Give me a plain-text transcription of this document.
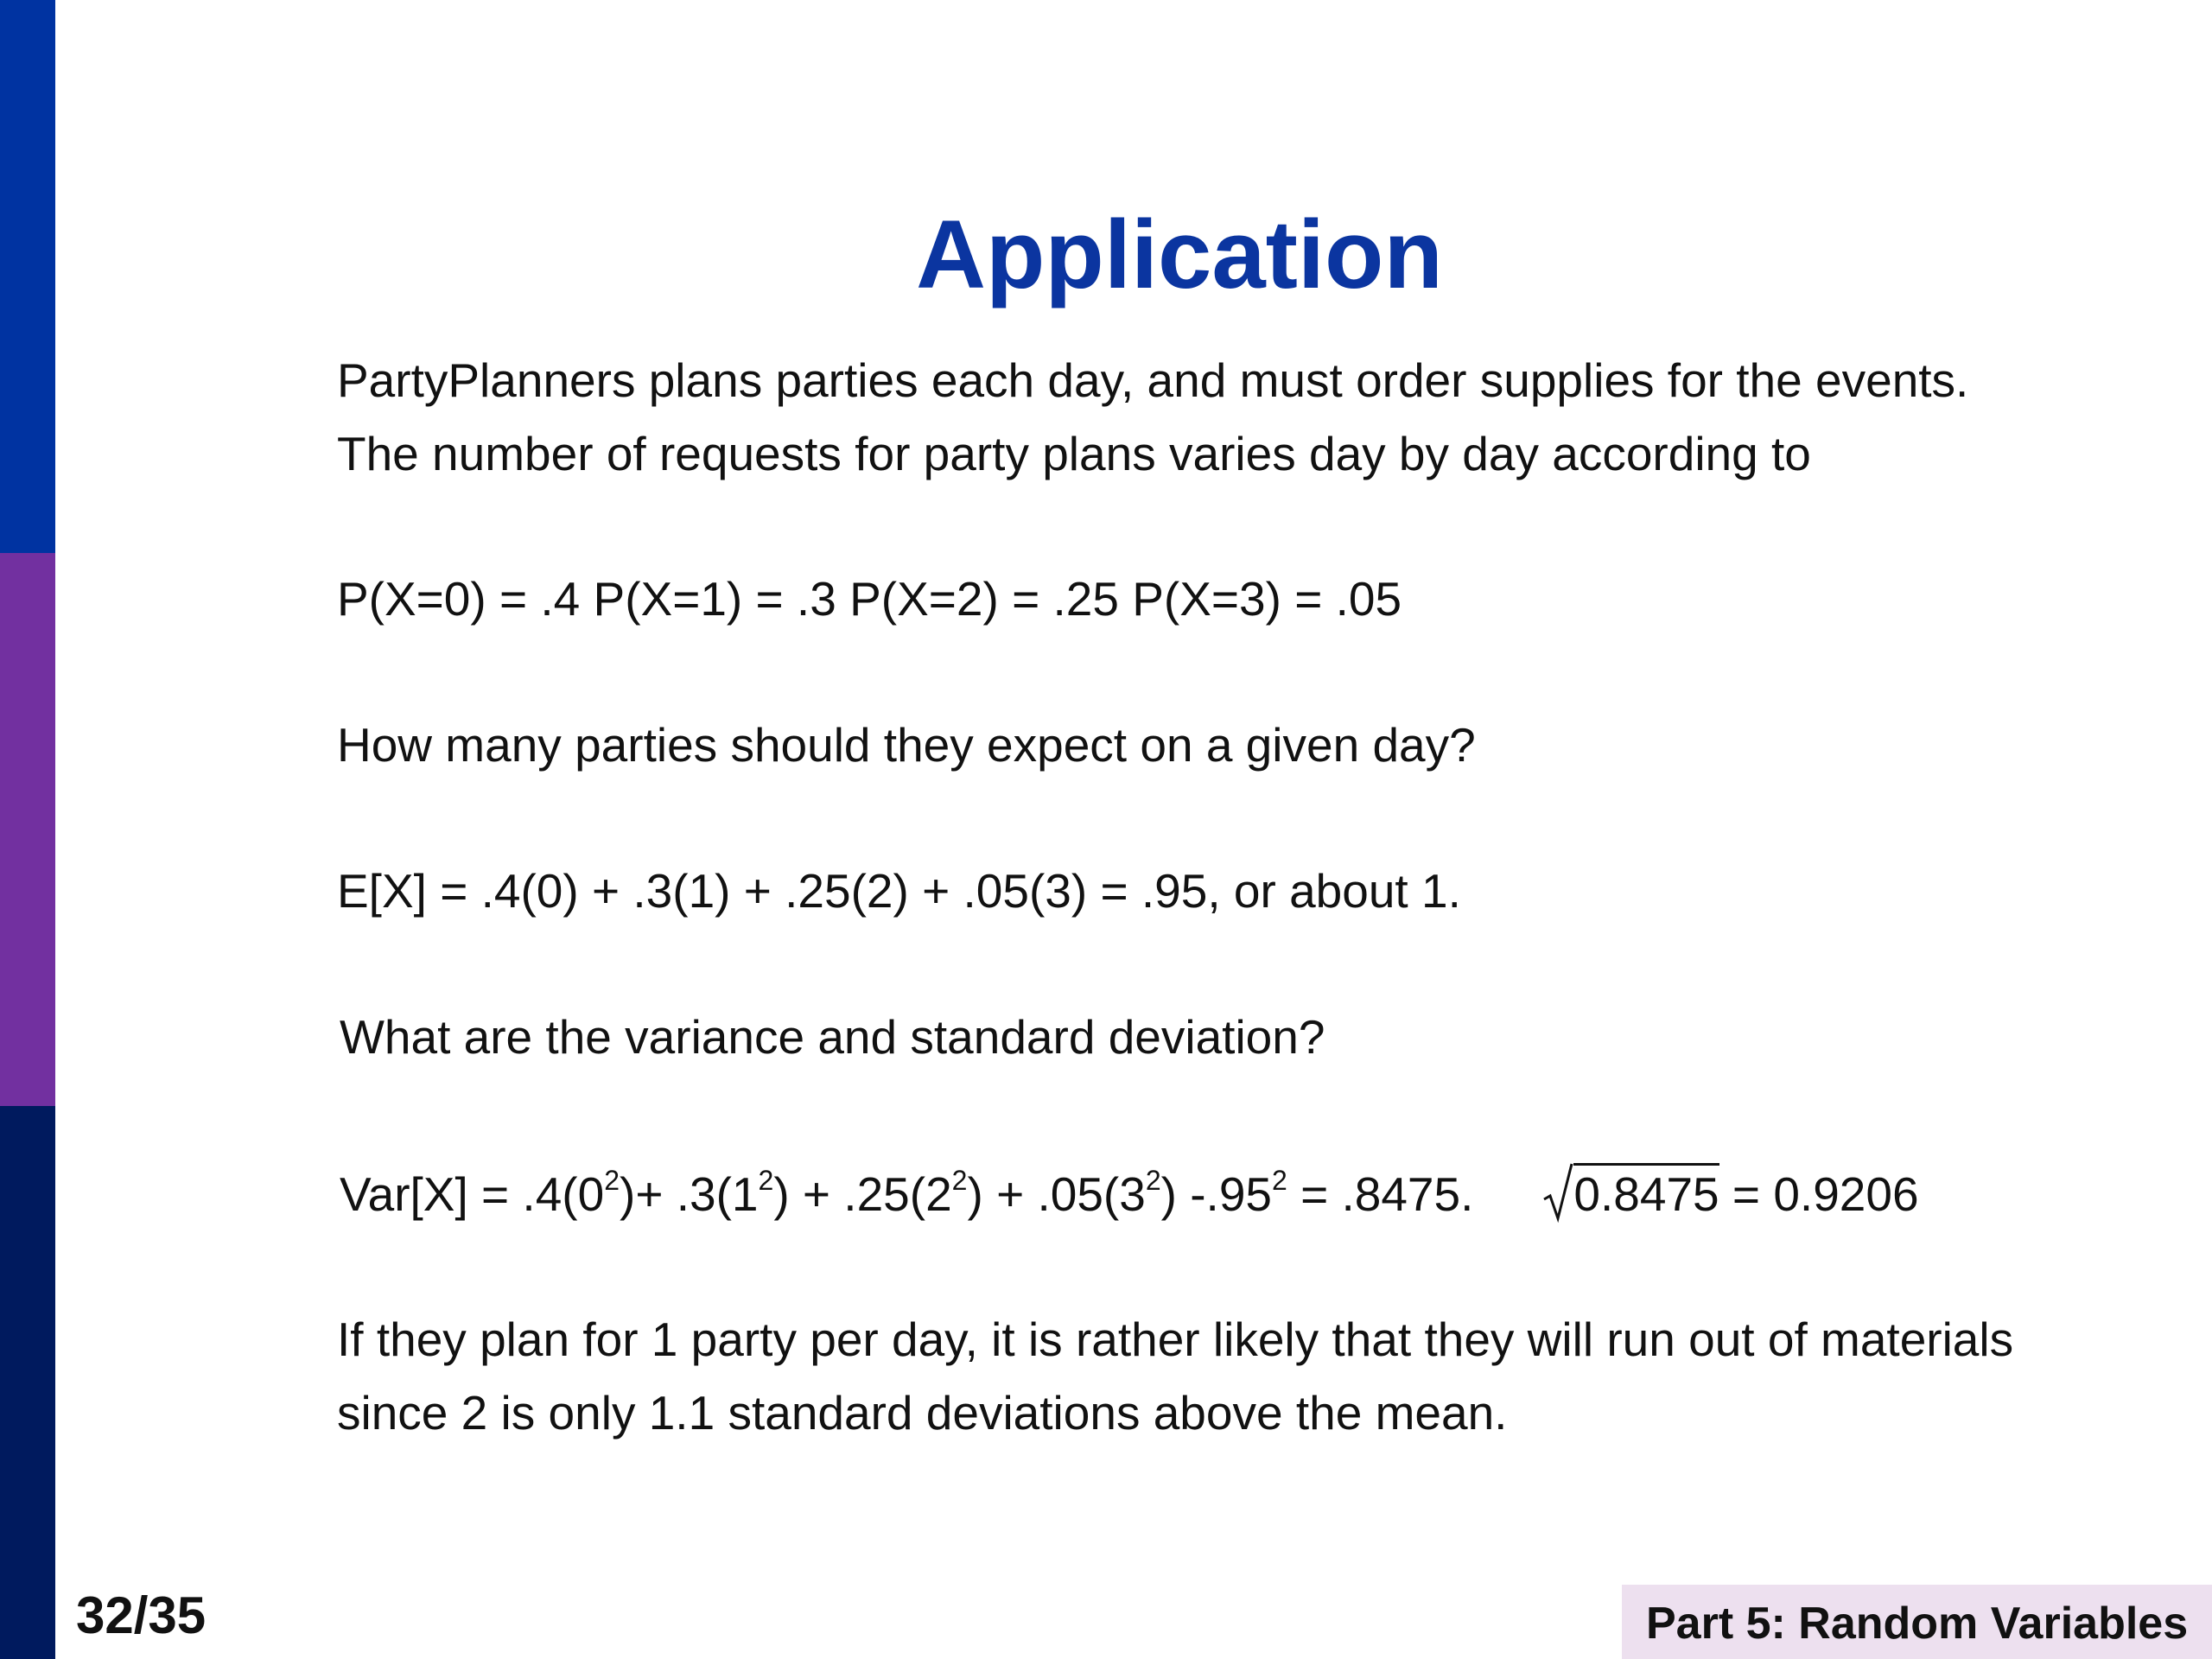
Application
PartyPlanners plans parties each day, and must order supplies for the events.
The number of requests for party plans varies day by day according to
P(X=0) = .4 P(X=1) = .3 P(X=2) = .25 P(X=3) = .05
How many parties should they expect on a given day?
E[X] = .4(0) + .3(1) + .25(2) + .05(3) = .95, or about 1.
What are the variance and standard deviation?
$Var[X] = .4(0^2)+ .3(1^2) + .25(2^2) + .05(3^2) -.95^2 = .8475$. 0.8475 = 0.9206
If they plan for 1 party per day, it is rather likely that they will run out of materials
since 2 is only 1.1 standard deviations above the mean.
32/35	Part 5: Random Variables
